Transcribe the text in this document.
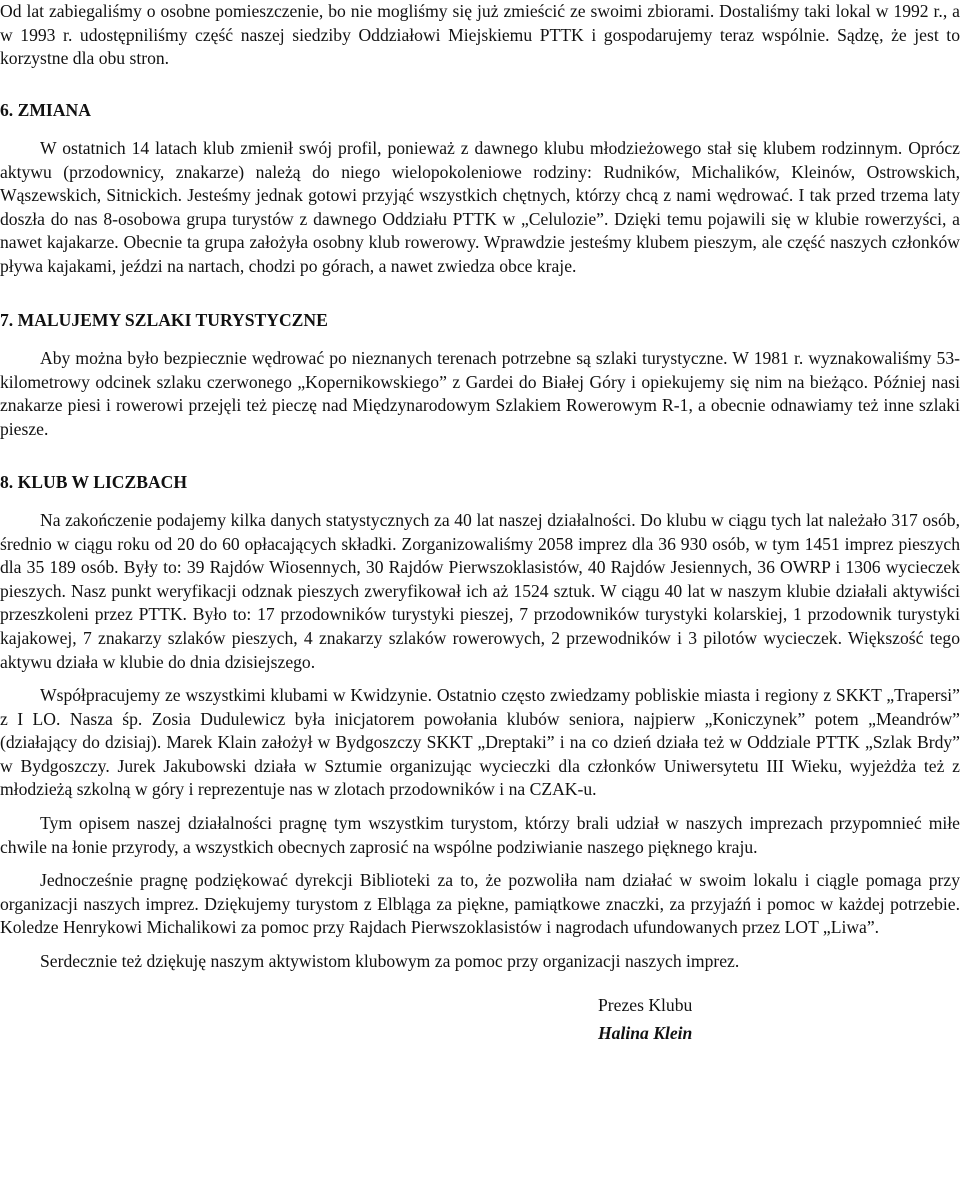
Od lat zabiegaliśmy o osobne pomieszczenie, bo nie mogliśmy się już zmieścić ze swoimi zbiorami. Dostaliśmy taki lokal w 1992 r., a w 1993 r. udostępniliśmy część naszej siedziby Oddziałowi Miejskiemu PTTK i gospodarujemy teraz wspólnie. Sądzę, że jest to korzystne dla obu stron.

6. ZMIANA

W ostatnich 14 latach klub zmienił swój profil, ponieważ z dawnego klubu młodzieżowego stał się klubem rodzinnym. Oprócz aktywu (przodownicy, znakarze) należą do niego wielopokoleniowe rodziny: Rudników, Michalików, Kleinów, Ostrowskich, Wąszewskich, Sitnickich. Jesteśmy jednak gotowi przyjąć wszystkich chętnych, którzy chcą z nami wędrować. I tak przed trzema laty doszła do nas 8-osobowa grupa turystów z dawnego Oddziału PTTK w „Celulozie”. Dzięki temu pojawili się w klubie rowerzyści, a nawet kajakarze. Obecnie ta grupa założyła osobny klub rowerowy. Wprawdzie jesteśmy klubem pieszym, ale część naszych członków pływa kajakami, jeździ na nartach, chodzi po górach, a nawet zwiedza obce kraje.

7. MALUJEMY SZLAKI TURYSTYCZNE

Aby można było bezpiecznie wędrować po nieznanych terenach potrzebne są szlaki turystyczne. W 1981 r. wyznakowaliśmy 53-kilometrowy odcinek szlaku czerwonego „Kopernikowskiego” z Gardei do Białej Góry i opiekujemy się nim na bieżąco. Później nasi znakarze piesi i rowerowi przejęli też pieczę nad Międzynarodowym Szlakiem Rowerowym R-1, a obecnie odnawiamy też inne szlaki piesze.

8. KLUB W LICZBACH

Na zakończenie podajemy kilka danych statystycznych za 40 lat naszej działalności. Do klubu w ciągu tych lat należało 317 osób, średnio w ciągu roku od 20 do 60 opłacających składki. Zorganizowaliśmy 2058 imprez dla 36 930 osób, w tym 1451 imprez pieszych dla 35 189 osób. Były to: 39 Rajdów Wiosennych, 30 Rajdów Pierwszoklasistów, 40 Rajdów Jesiennych, 36 OWRP i 1306 wycieczek pieszych. Nasz punkt weryfikacji odznak pieszych zweryfikował ich aż 1524 sztuk. W ciągu 40 lat w naszym klubie działali aktywiści przeszkoleni przez PTTK. Było to: 17 przodowników turystyki pieszej, 7 przodowników turystyki kolarskiej, 1 przodownik turystyki kajakowej, 7 znakarzy szlaków pieszych, 4 znakarzy szlaków rowerowych, 2 przewodników i 3 pilotów wycieczek. Większość tego aktywu działa w klubie do dnia dzisiejszego.

Współpracujemy ze wszystkimi klubami w Kwidzynie. Ostatnio często zwiedzamy pobliskie miasta i regiony z SKKT „Trapersi” z I LO. Nasza śp. Zosia Dudulewicz była inicjatorem powołania klubów seniora, najpierw „Koniczynek” potem „Meandrów” (działający do dzisiaj). Marek Klain założył w Bydgoszczy SKKT „Dreptaki” i na co dzień działa też w Oddziale PTTK „Szlak Brdy” w Bydgoszczy. Jurek Jakubowski działa w Sztumie organizując wycieczki dla członków Uniwersytetu III Wieku, wyjeżdża też z młodzieżą szkolną w góry i reprezentuje nas w zlotach przodowników i na CZAK-u.

Tym opisem naszej działalności pragnę tym wszystkim turystom, którzy brali udział w naszych imprezach przypomnieć miłe chwile na łonie przyrody, a wszystkich obecnych zaprosić na wspólne podziwianie naszego pięknego kraju.

Jednocześnie pragnę podziękować dyrekcji Biblioteki za to, że pozwoliła nam działać w swoim lokalu i ciągle pomaga przy organizacji naszych imprez. Dziękujemy turystom z Elbląga za piękne, pamiątkowe znaczki, za przyjaźń i pomoc w każdej potrzebie. Koledze Henrykowi Michalikowi za pomoc przy Rajdach Pierwszoklasistów i nagrodach ufundowanych przez LOT „Liwa”.

Serdecznie też dziękuję naszym aktywistom klubowym za pomoc przy organizacji naszych imprez.

Prezes Klubu

Halina Klein
